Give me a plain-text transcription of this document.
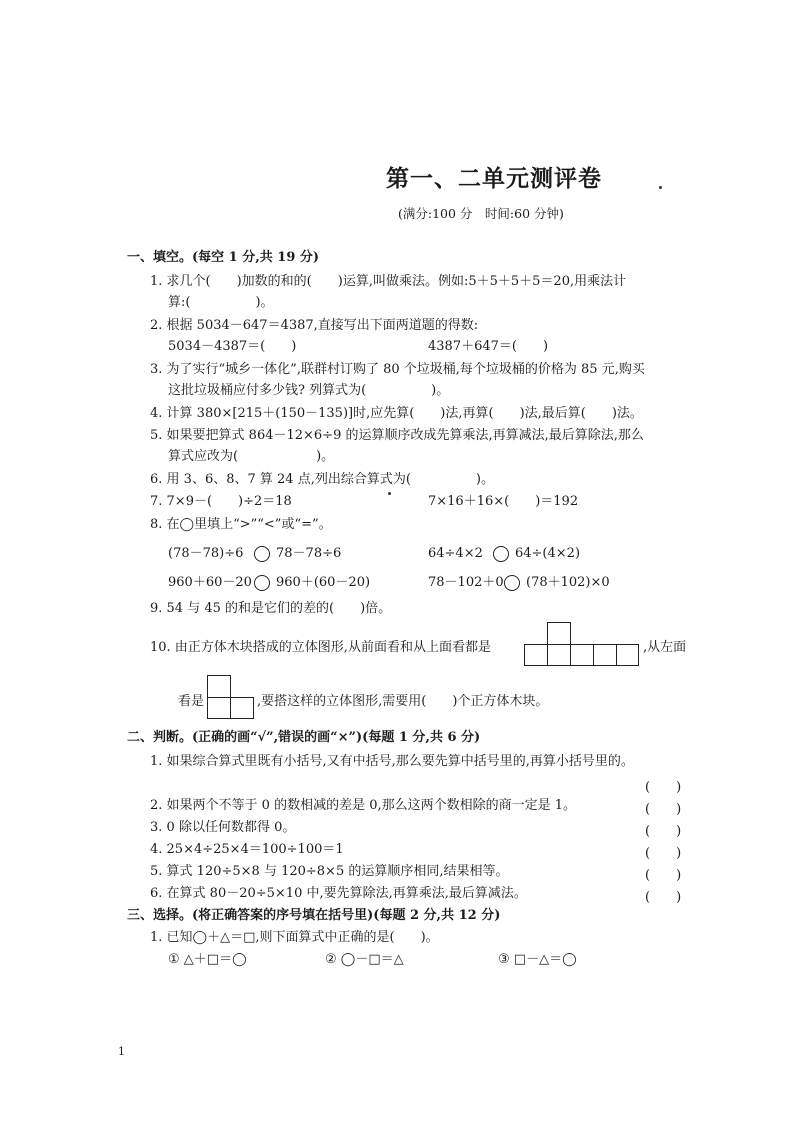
第一、二单元测评卷
(满分:100 分　时间:60 分钟)
一、填空。(每空 1 分,共 19 分)
1. 求几个(　　)加数的和的(　　)运算,叫做乘法。例如:5＋5＋5＋5＝20,用乘法计
算:(　　　　　)。
2. 根据 5034－647＝4387,直接写出下面两道题的得数:
5034－4387＝(　　)	4387＋647＝(　　)
3. 为了实行“城乡一体化”,联群村订购了 80 个垃圾桶,每个垃圾桶的价格为 85 元,购买
这批垃圾桶应付多少钱? 列算式为(　　　　　)。
4. 计算 380×[215＋(150－135)]时,应先算(　　)法,再算(　　)法,最后算(　　)法。
5. 如果要把算式 864－12×6÷9 的运算顺序改成先算乘法,再算减法,最后算除法,那么
算式应改为(　　　　　　)。
6. 用 3、6、8、7 算 24 点,列出综合算式为(　　　　　)。
7. 7×9－(　　)÷2＝18	7×16＋16×(　　)＝192
8. 在◯里填上“>”“<”或“=”。
(78－78)÷6	78－78÷6	64÷4×2 64÷(4×2)
960＋60－20 960＋(60－20)	78－102＋0 (78＋102)×0
9. 54 与 45 的和是它们的差的(　　)倍。
10. 由正方体木块搭成的立体图形,从前面看和从上面看都是	,从左面
看是	,要搭这样的立体图形,需要用(　　)个正方体木块。
二、判断。(正确的画“√”,错误的画“×”)(每题 1 分,共 6 分)
1. 如果综合算式里既有小括号,又有中括号,那么要先算中括号里的,再算小括号里的。
(　　)
2. 如果两个不等于 0 的数相减的差是 0,那么这两个数相除的商一定是 1。	(　　)
3. 0 除以任何数都得 0。	(　　)
4. 25×4÷25×4＝100÷100＝1	(　　)
5. 算式 120÷5×8 与 120÷8×5 的运算顺序相同,结果相等。	(　　)
6. 在算式 80－20÷5×10 中,要先算除法,再算乘法,最后算减法。	(　　)
三、选择。(将正确答案的序号填在括号里)(每题 2 分,共 12 分)
1. 已知◯＋△＝□,则下面算式中正确的是(　　)。
① △＋□＝◯	② ◯－□＝△	③ □－△＝◯
1
